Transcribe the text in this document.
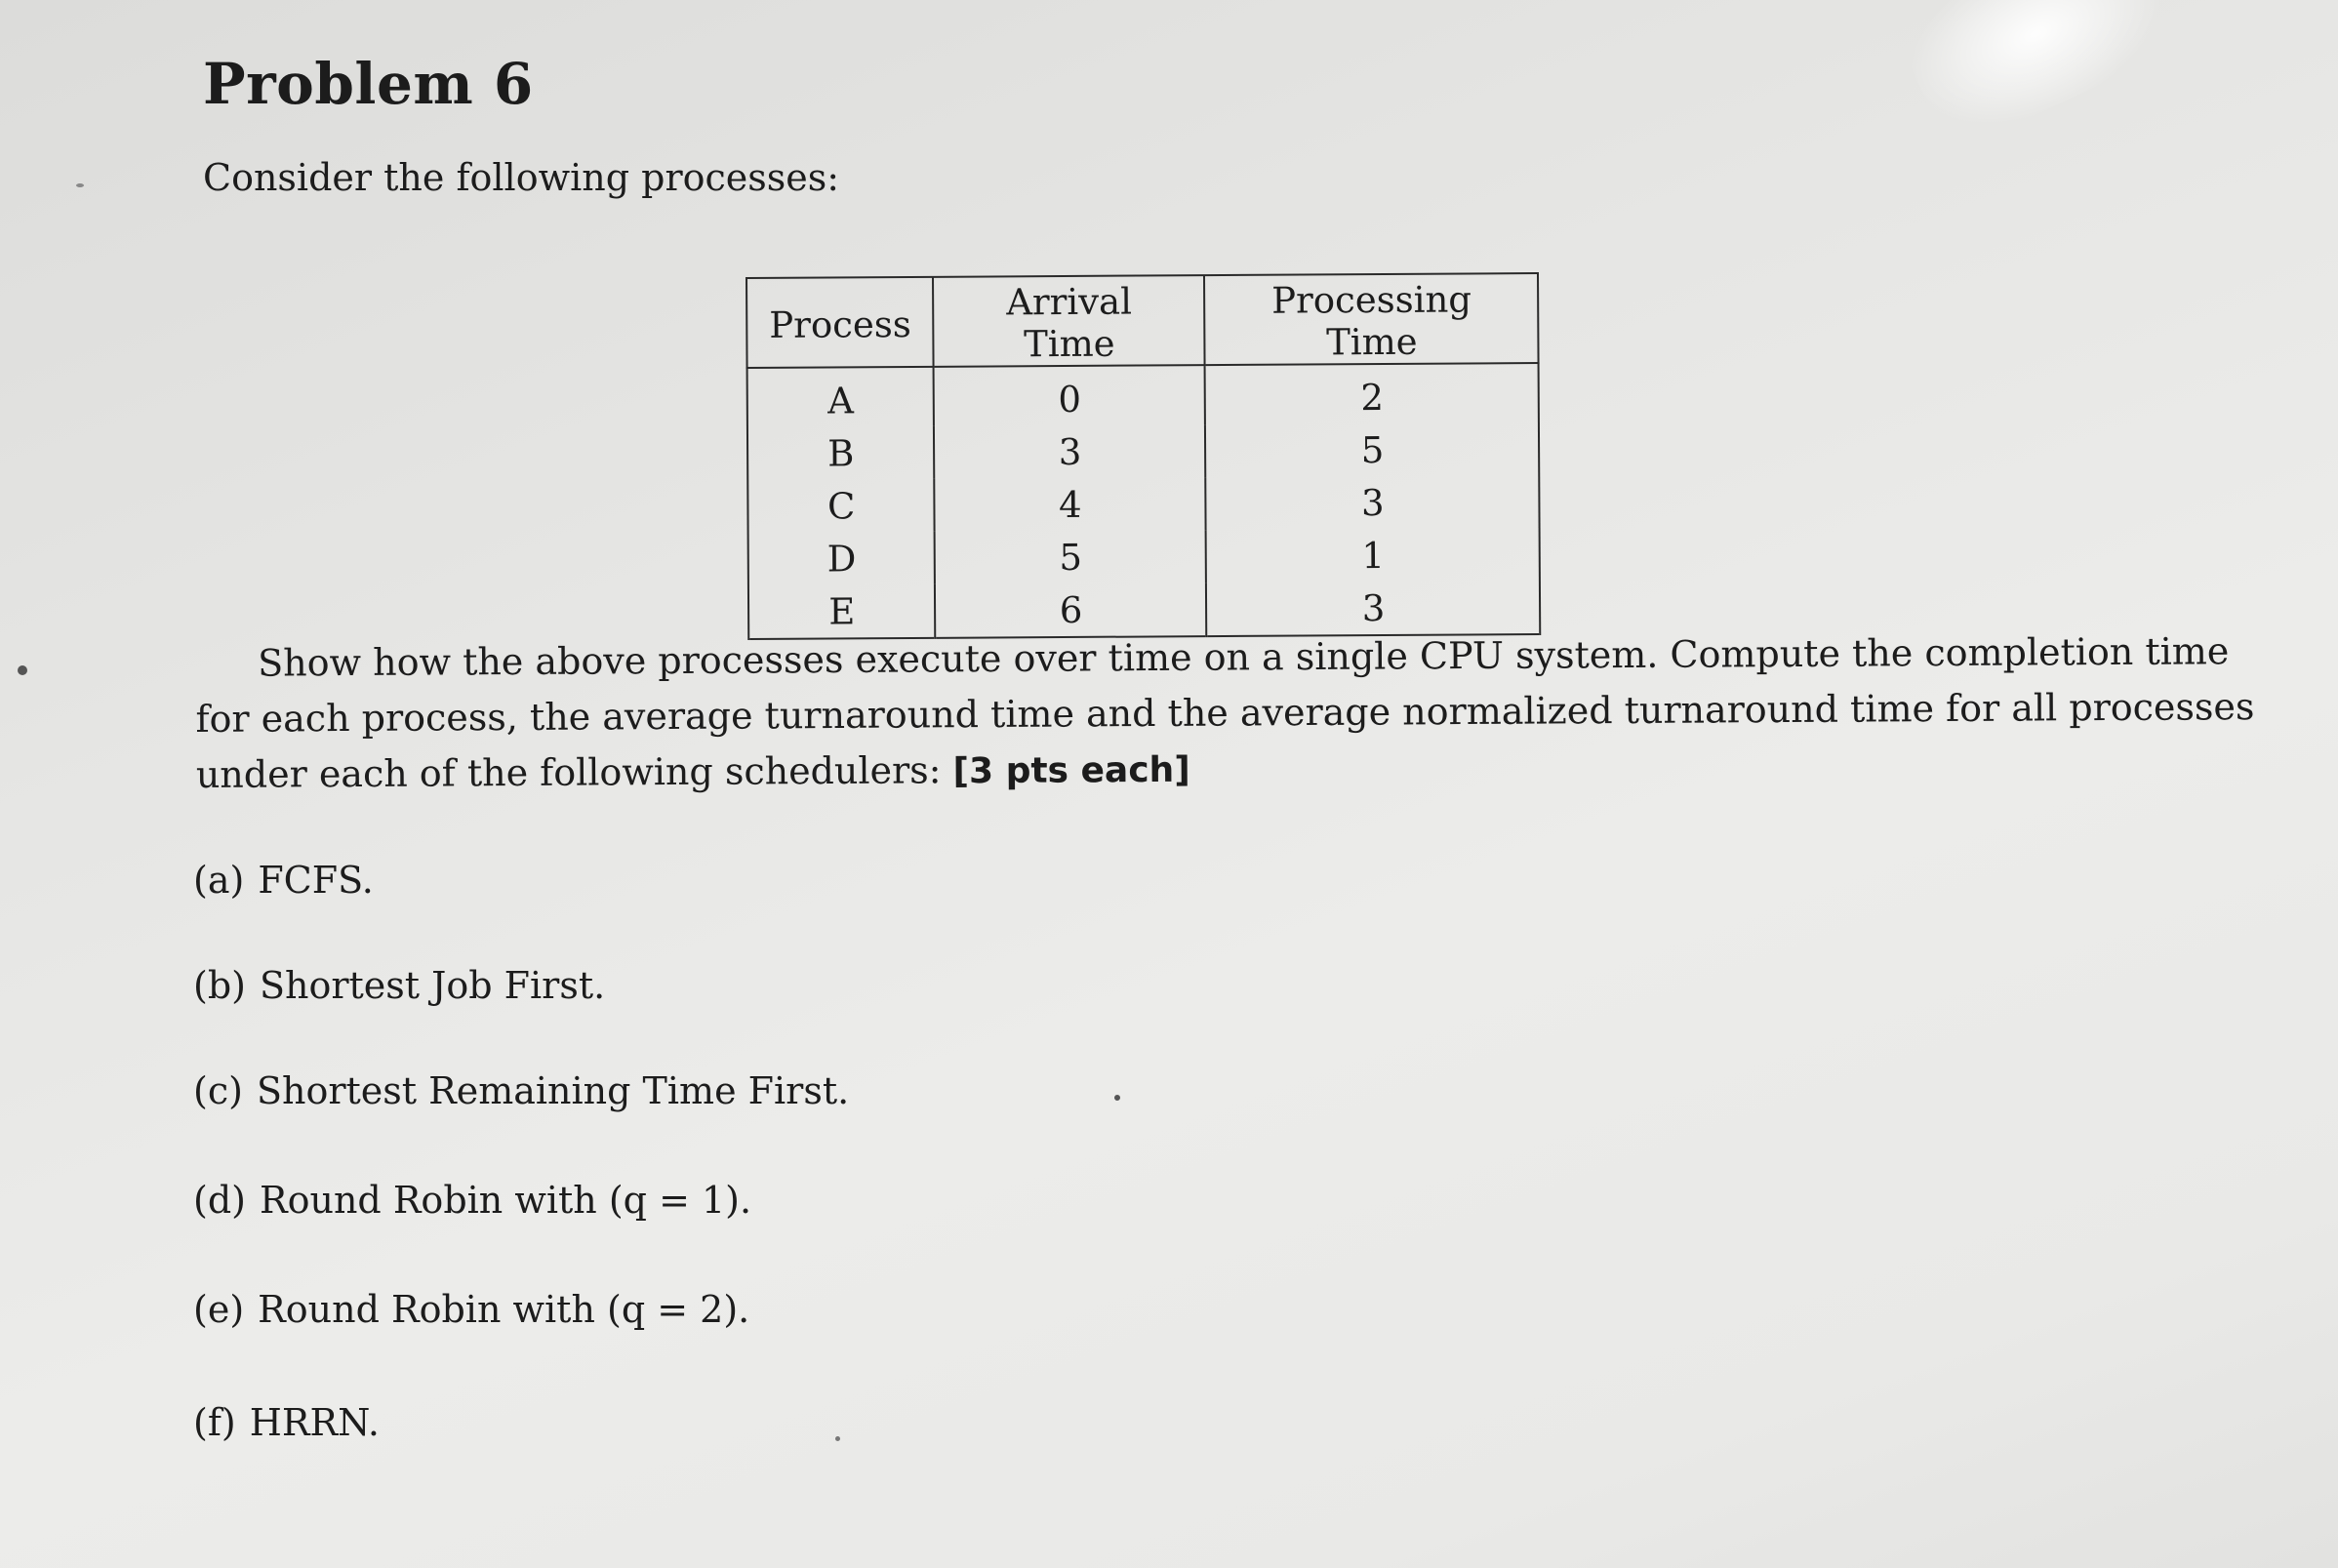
Problem 6
Consider the following processes:
Process	Arrival Time	Processing Time
A	0	2
B	3	5
C	4	3
D	5	1
E	6	3
Show how the above processes execute over time on a single CPU system. Compute the completion time
for each process, the average turnaround time and the average normalized turnaround time for all processes
under each of the following schedulers: [3 pts each]
(a) FCFS.
(b) Shortest Job First.
(c) Shortest Remaining Time First.
(d) Round Robin with (q = 1).
(e) Round Robin with (q = 2).
(f) HRRN.
